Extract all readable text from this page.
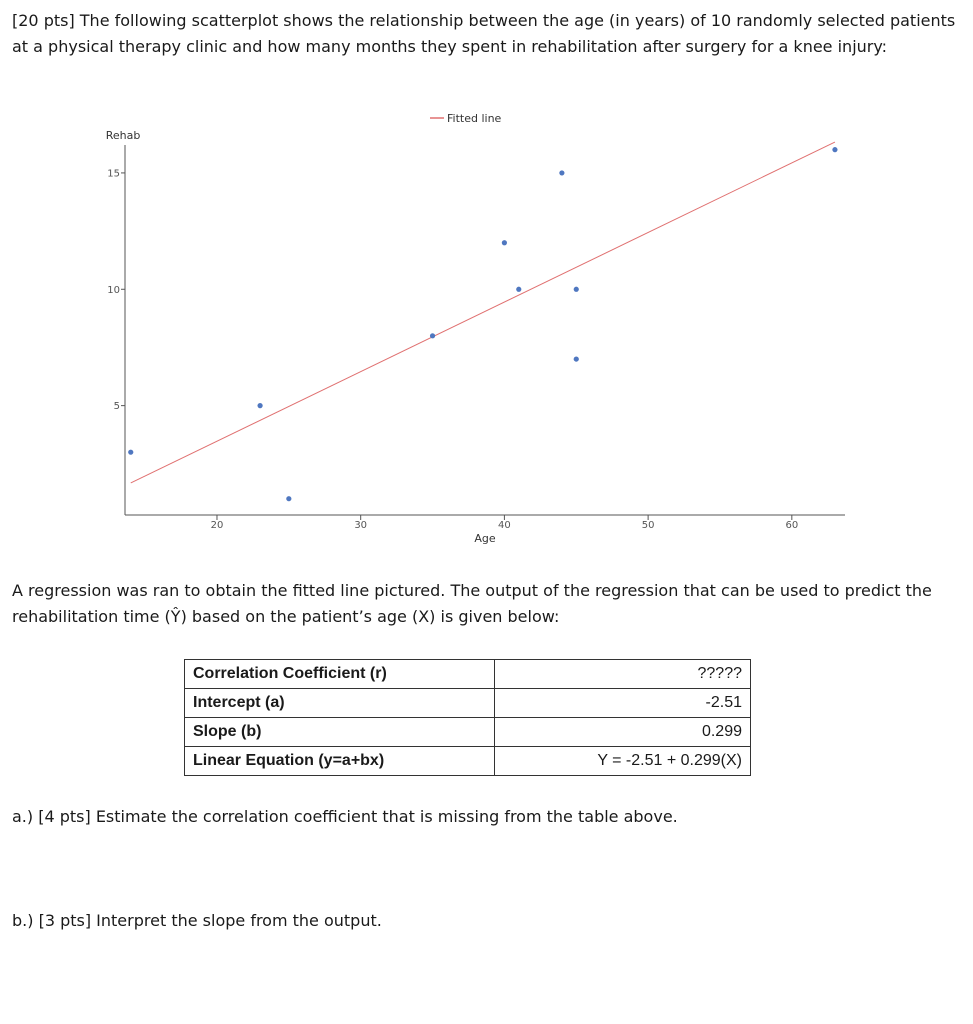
[20 pts] The following scatterplot shows the relationship between the age (in years) of 10 randomly selected patients at a physical therapy clinic and how many months they spent in rehabilitation after surgery for a knee injury:

5
10
15
20	30	40	50	60
Age
Rehab
Fitted line

A regression was ran to obtain the fitted line pictured. The output of the regression that can be used to predict the rehabilitation time (Ŷ) based on the patient’s age (X) is given below:

Correlation Coefficient (r)	?????
Intercept (a)	-2.51
Slope (b)	0.299
Linear Equation (y=a+bx)	Y = -2.51 + 0.299(X)

a.) [4 pts] Estimate the correlation coefficient that is missing from the table above.

b.) [3 pts] Interpret the slope from the output.
